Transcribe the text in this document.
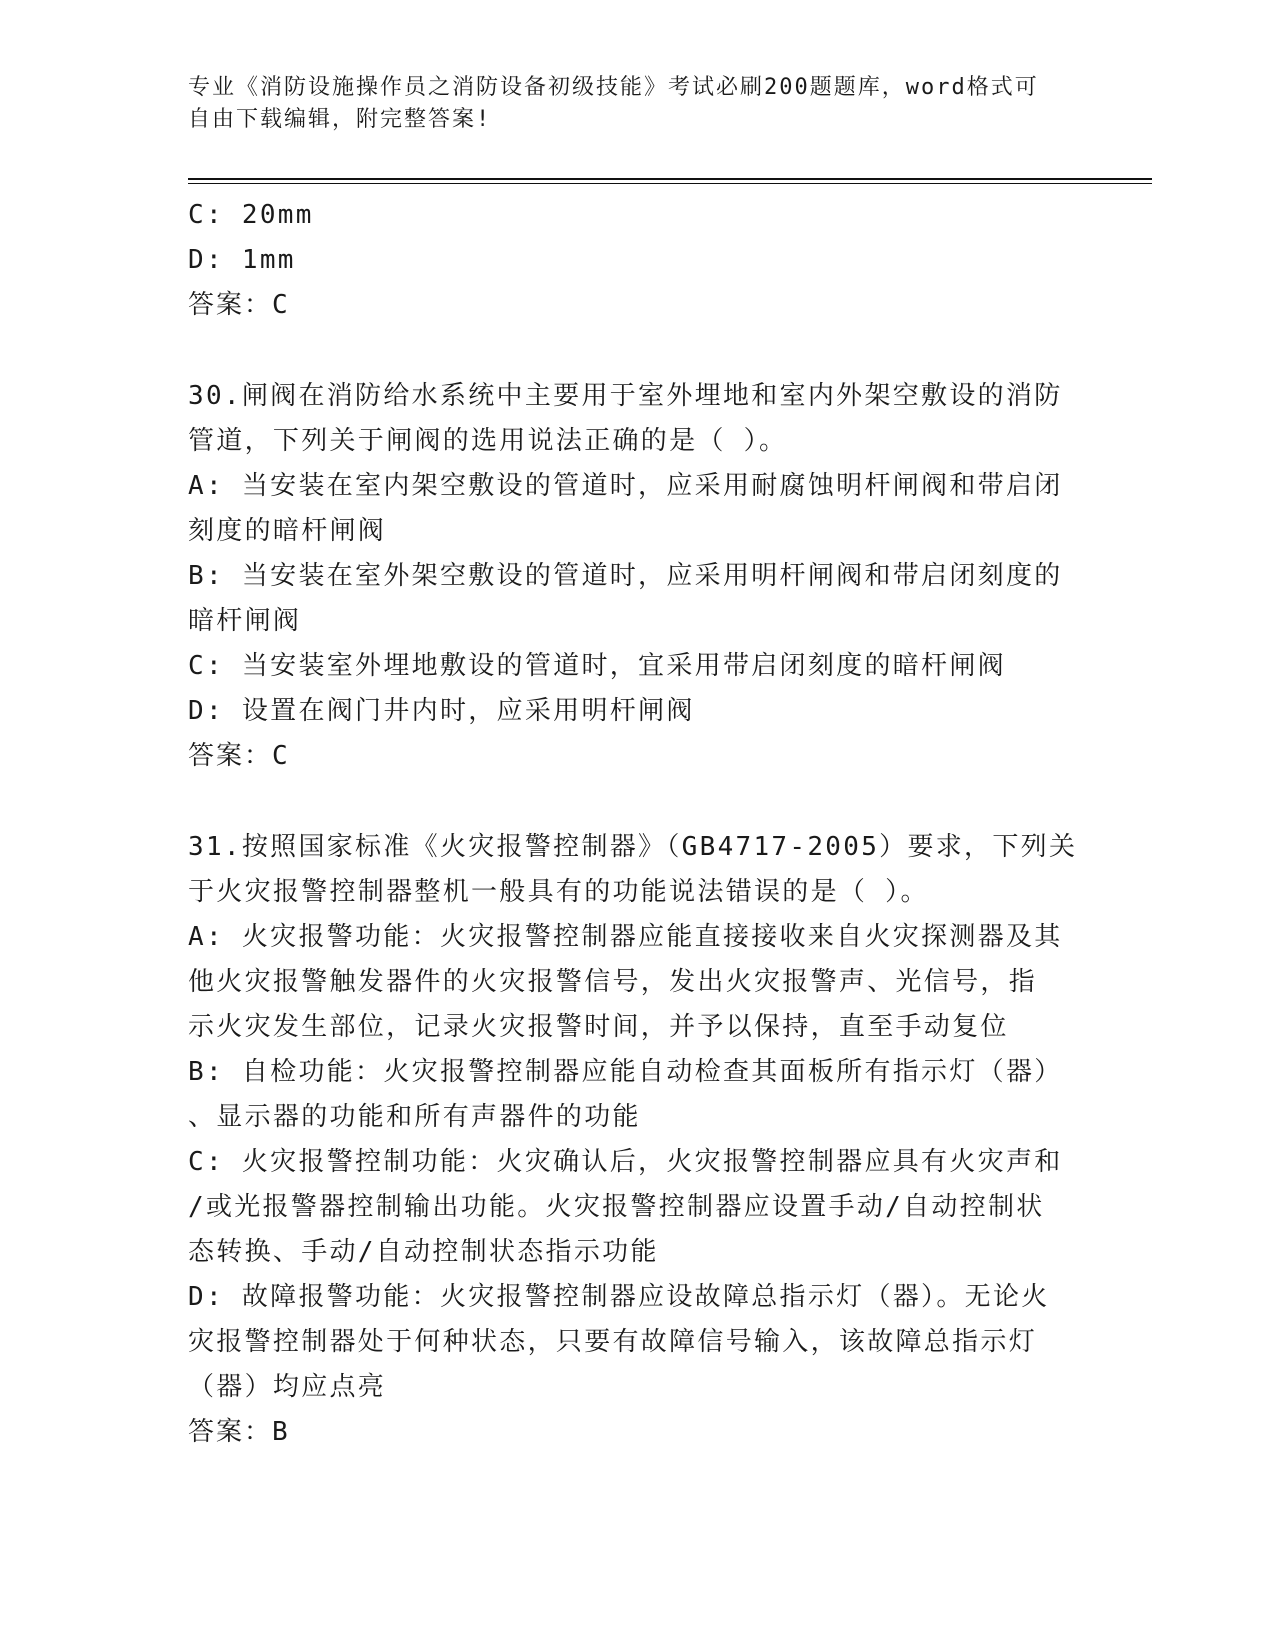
专业《消防设施操作员之消防设备初级技能》考试必刷200题题库，word格式可
自由下载编辑，附完整答案!
C: 20mm
D: 1mm
答案：C
30.闸阀在消防给水系统中主要用于室外埋地和室内外架空敷设的消防
管道，下列关于闸阀的选用说法正确的是（ ）。
A: 当安装在室内架空敷设的管道时，应采用耐腐蚀明杆闸阀和带启闭
刻度的暗杆闸阀
B: 当安装在室外架空敷设的管道时，应采用明杆闸阀和带启闭刻度的
暗杆闸阀
C: 当安装室外埋地敷设的管道时，宜采用带启闭刻度的暗杆闸阀
D: 设置在阀门井内时，应采用明杆闸阀
答案：C
31.按照国家标准《火灾报警控制器》（GB4717-2005）要求，下列关
于火灾报警控制器整机一般具有的功能说法错误的是（ ）。
A: 火灾报警功能：火灾报警控制器应能直接接收来自火灾探测器及其
他火灾报警触发器件的火灾报警信号，发出火灾报警声、光信号，指
示火灾发生部位，记录火灾报警时间，并予以保持，直至手动复位
B: 自检功能：火灾报警控制器应能自动检查其面板所有指示灯（器）
、显示器的功能和所有声器件的功能
C: 火灾报警控制功能：火灾确认后，火灾报警控制器应具有火灾声和
/或光报警器控制输出功能。火灾报警控制器应设置手动/自动控制状
态转换、手动/自动控制状态指示功能
D: 故障报警功能：火灾报警控制器应设故障总指示灯（器）。无论火
灾报警控制器处于何种状态，只要有故障信号输入，该故障总指示灯
（器）均应点亮
答案：B
